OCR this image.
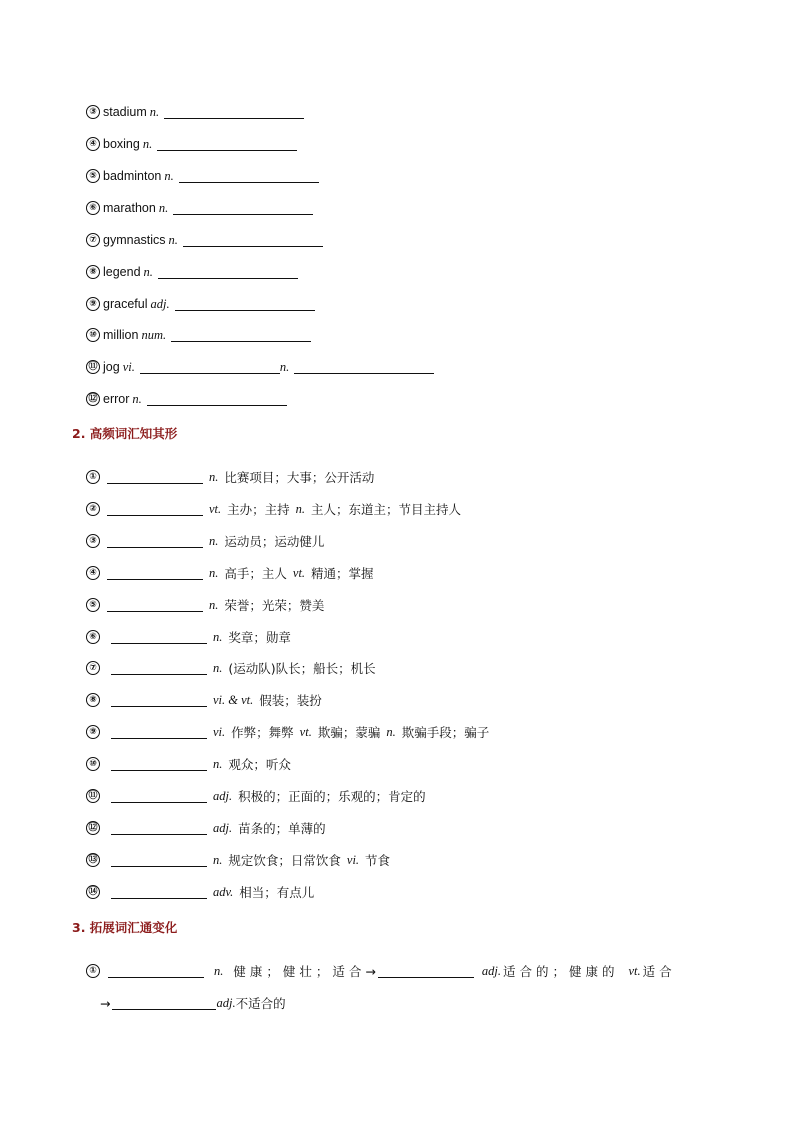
③ stadium n.
④ boxing n.
⑤ badminton n.
⑥ marathon n.
⑦ gymnastics n.
⑧ legend n.
⑨ graceful adj.
⑩ million num.
⑪ jog vi.	n.
⑫ error n.
2. 高频词汇知其形
①	n. 比赛项目；大事；公开活动
②	vt. 主办；主持 n. 主人；东道主；节目主持人
③	n. 运动员；运动健儿
④	n. 高手；主人 vt. 精通；掌握
⑤	n. 荣誉；光荣；赞美
⑥	n. 奖章；勋章
⑦	n. (运动队)队长；船长；机长
⑧	vi. & vt. 假装；装扮
⑨	vi. 作弊；舞弊 vt. 欺骗；蒙骗 n. 欺骗手段；骗子
⑩	n. 观众；听众
⑪	adj. 积极的；正面的；乐观的；肯定的
⑫	adj. 苗条的；单薄的
⑬	n. 规定饮食；日常饮食 vi. 节食
⑭	adv. 相当；有点儿
3. 拓展词汇通变化
①	n. 健康；健壮；适合 →	adj. 适合的；健康的 vt. 适合
→	adj. 不适合的
